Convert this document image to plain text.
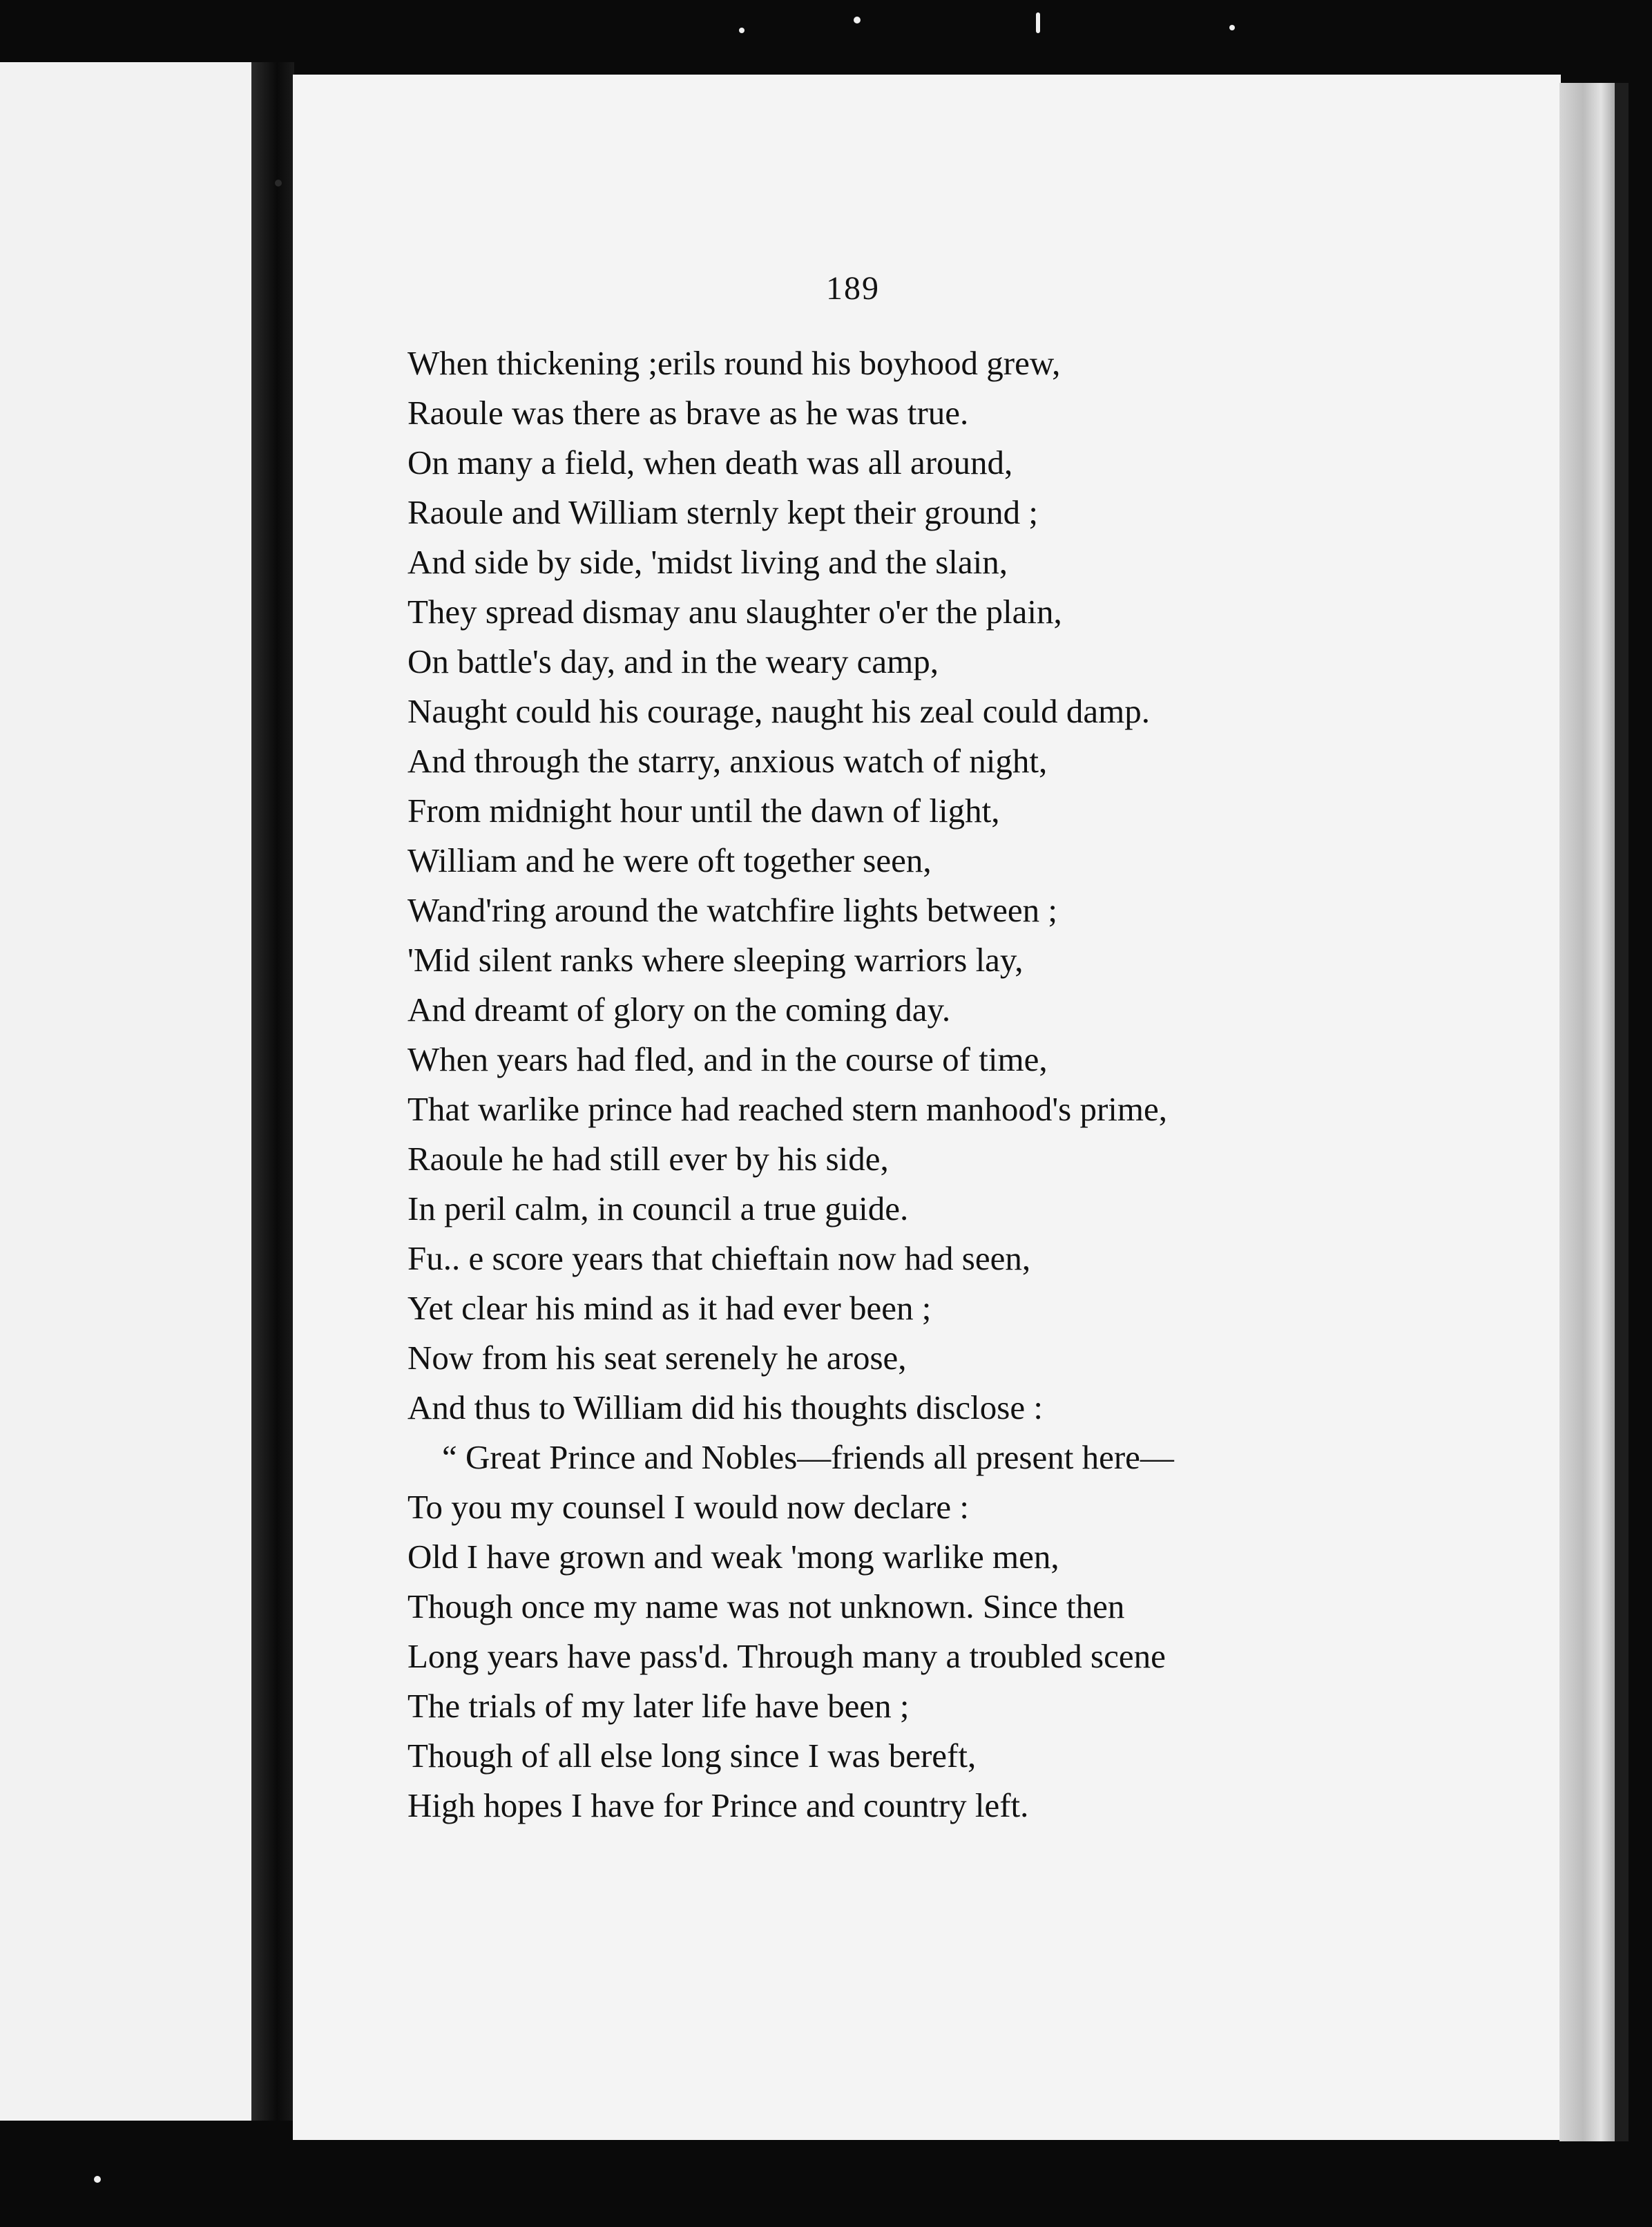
189
When thickening ;erils round his boyhood grew,
Raoule was there as brave as he was true.
On many a field, when death was all around,
Raoule and William sternly kept their ground ;
And side by side, 'midst living and the slain,
They spread dismay anu slaughter o'er the plain,
On battle's day, and in the weary camp,
Naught could his courage, naught his zeal could damp.
And through the starry, anxious watch of night,
From midnight hour until the dawn of light,
William and he were oft together seen,
Wand'ring around the watchfire lights between ;
'Mid silent ranks where sleeping warriors lay,
And dreamt of glory on the coming day.
When years had fled, and in the course of time,
That warlike prince had reached stern manhood's prime,
Raoule he had still ever by his side,
In peril calm, in council a true guide.
Fu.. e score years that chieftain now had seen,
Yet clear his mind as it had ever been ;
Now from his seat serenely he arose,
And thus to William did his thoughts disclose :
“ Great Prince and Nobles—friends all present here—
To you my counsel I would now declare :
Old I have grown and weak 'mong warlike men,
Though once my name was not unknown. Since then
Long years have pass'd. Through many a troubled scene
The trials of my later life have been ;
Though of all else long since I was bereft,
High hopes I have for Prince and country left.
